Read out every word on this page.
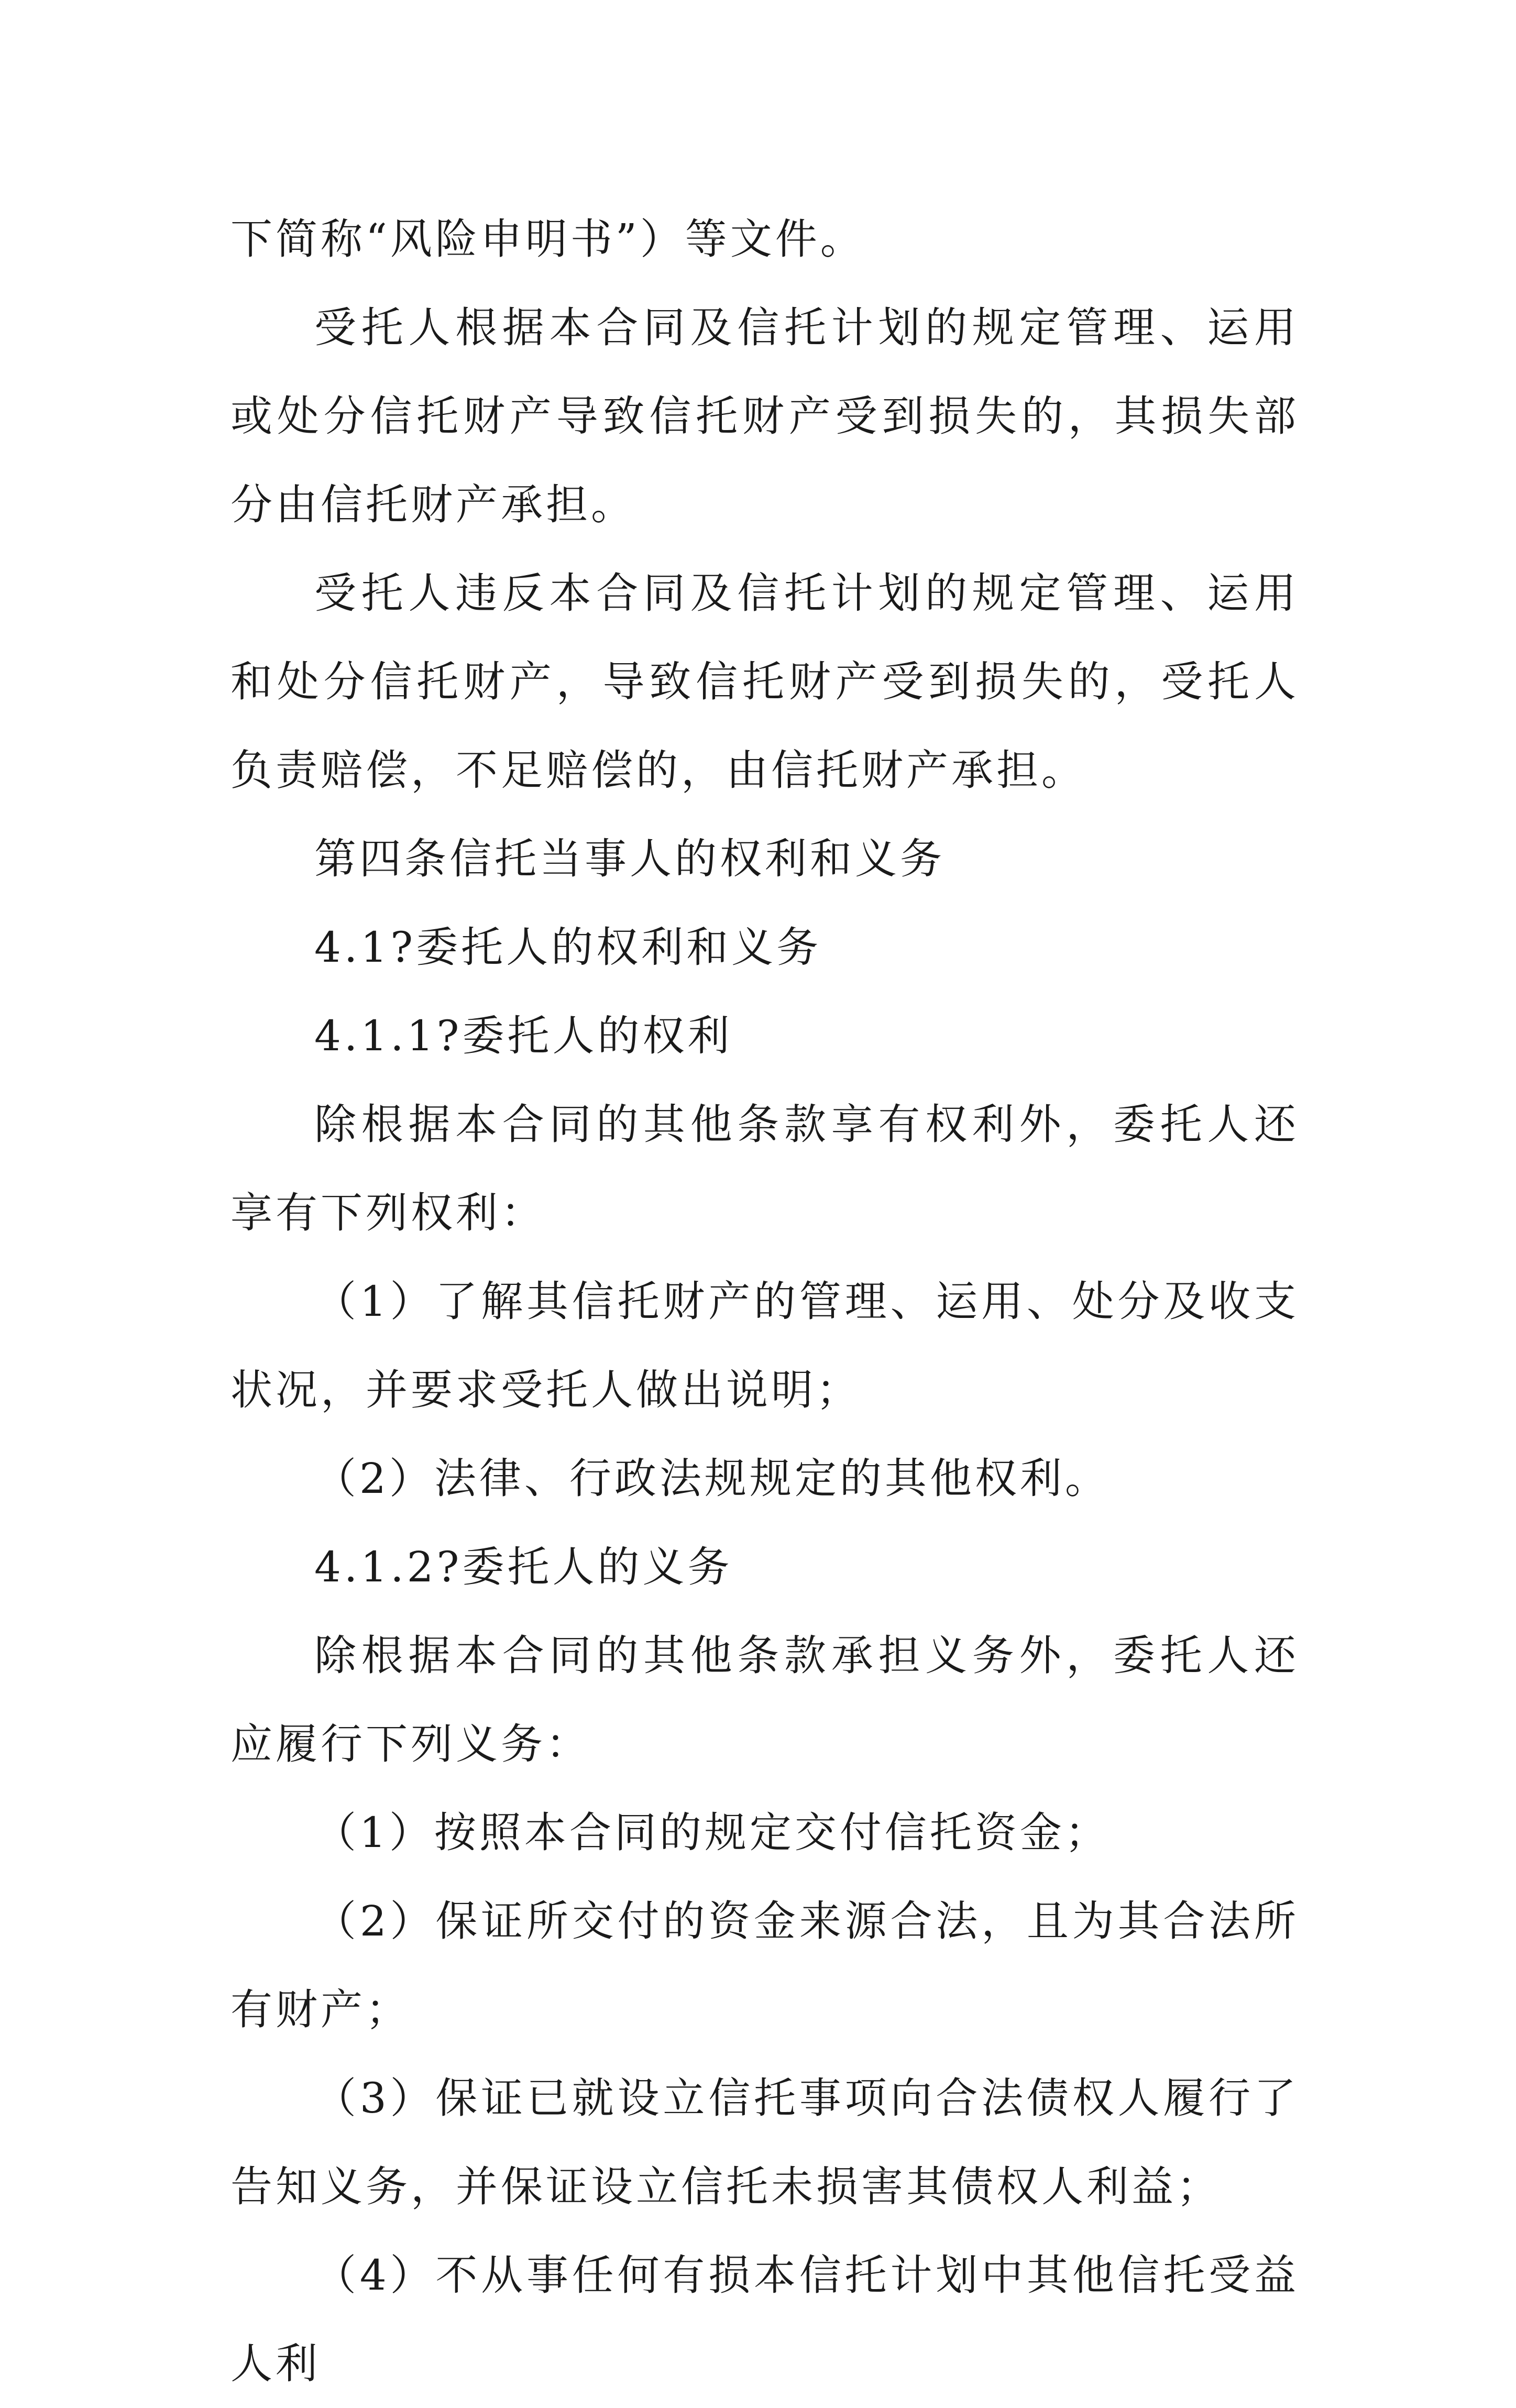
下简称“风险申明书”）等文件。

受托人根据本合同及信托计划的规定管理、运用或处分信托财产导致信托财产受到损失的，其损失部分由信托财产承担。

受托人违反本合同及信托计划的规定管理、运用和处分信托财产，导致信托财产受到损失的，受托人负责赔偿，不足赔偿的，由信托财产承担。

第四条信托当事人的权利和义务

4.1?委托人的权利和义务

4.1.1?委托人的权利

除根据本合同的其他条款享有权利外，委托人还享有下列权利：

（1）了解其信托财产的管理、运用、处分及收支状况，并要求受托人做出说明；

（2）法律、行政法规规定的其他权利。

4.1.2?委托人的义务

除根据本合同的其他条款承担义务外，委托人还应履行下列义务：

（1）按照本合同的规定交付信托资金；

（2）保证所交付的资金来源合法，且为其合法所有财产；

（3）保证已就设立信托事项向合法债权人履行了告知义务，并保证设立信托未损害其债权人利益；

（4）不从事任何有损本信托计划中其他信托受益人利
